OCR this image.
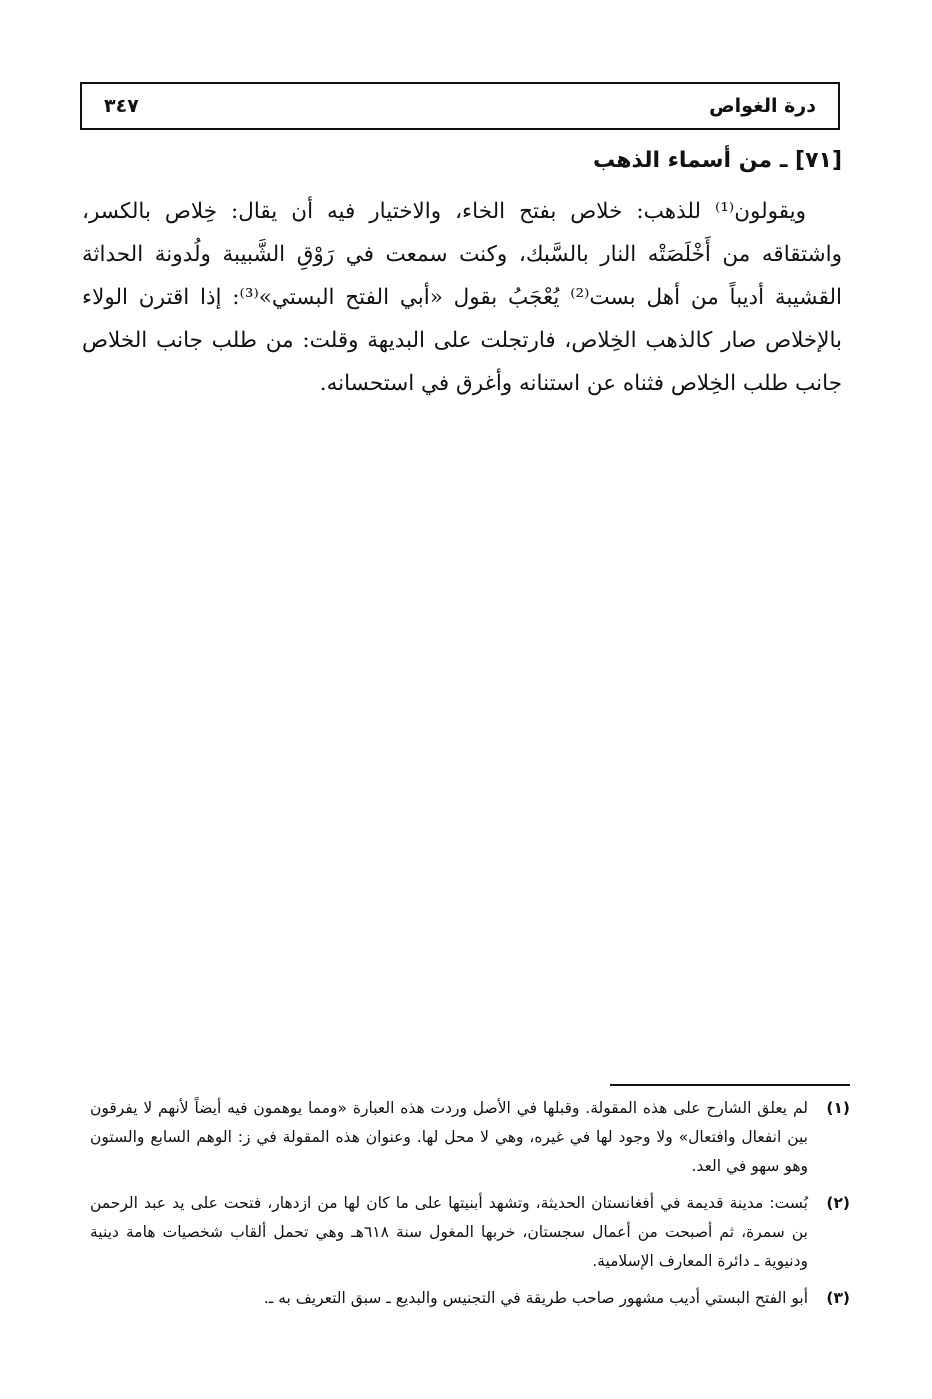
٣٤٧	درة الغواص
[٧١] ـ من أسماء الذهب

ويقولون⁽¹⁾ للذهب: خلاص بفتح الخاء، والاختيار فيه أن يقال: خِلاص بالكسر، واشتقاقه من أَخْلَصَتْه النار بالسَّبك، وكنت سمعت في رَوْقِ الشَّبيبة ولُدونة الحداثة القشيبة أديباً من أهل بست⁽²⁾ يُعْجَبُ بقول «أبي الفتح البستي»⁽³⁾: إذا اقترن الولاء بالإخلاص صار كالذهب الخِلاص، فارتجلت على البديهة وقلت: من طلب جانب الخلاص جانب طلب الخِلاص فثناه عن استنانه وأغرق في استحسانه.

(١)
لم يعلق الشارح على هذه المقولة. وقبلها في الأصل وردت هذه العبارة «ومما يوهمون فيه أيضاً لأنهم لا يفرقون بين انفعال وافتعال» ولا وجود لها في غيره، وهي لا محل لها. وعنوان هذه المقولة في ز: الوهم السابع والستون وهو سهو في العد.
(٢)
بُست: مدينة قديمة في أفغانستان الحديثة، وتشهد أبنيتها على ما كان لها من ازدهار، فتحت على يد عبد الرحمن بن سمرة، ثم أصبحت من أعمال سجستان، خربها المغول سنة ٦١٨هـ وهي تحمل ألقاب شخصيات هامة دينية ودنيوية ـ دائرة المعارف الإسلامية.
(٣)
أبو الفتح البستي أديب مشهور صاحب طريقة في التجنيس والبديع ـ سبق التعريف به ـ.
